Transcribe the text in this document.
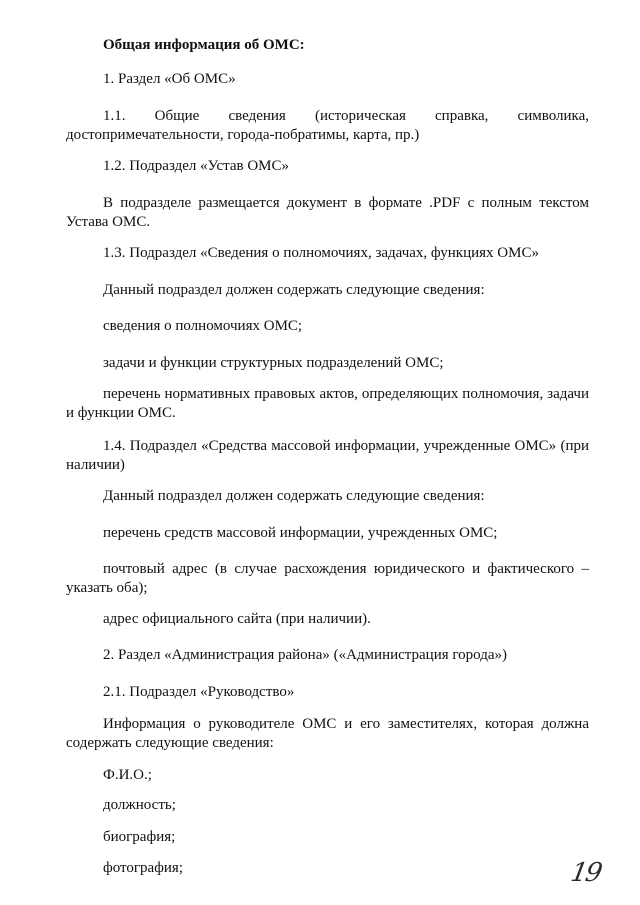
Общая информация об ОМС:

1. Раздел «Об ОМС»

1.1. Общие сведения (историческая справка, символика, достопримечательности, города-побратимы, карта, пр.)

1.2. Подраздел «Устав ОМС»

В подразделе размещается документ в формате .PDF с полным текстом Устава ОМС.

1.3. Подраздел «Сведения о полномочиях, задачах, функциях ОМС»

Данный подраздел должен содержать следующие сведения:

сведения о полномочиях ОМС;

задачи и функции структурных подразделений ОМС;

перечень нормативных правовых актов, определяющих полномочия, задачи и функции ОМС.

1.4. Подраздел «Средства массовой информации, учрежденные ОМС» (при наличии)

Данный подраздел должен содержать следующие сведения:

перечень средств массовой информации, учрежденных ОМС;

почтовый адрес (в случае расхождения юридического и фактического – указать оба);

адрес официального сайта (при наличии).

2. Раздел «Администрация района» («Администрация города»)

2.1. Подраздел «Руководство»

Информация о руководителе ОМС и его заместителях, которая должна содержать следующие сведения:

Ф.И.О.;

должность;

биография;

фотография;	19
